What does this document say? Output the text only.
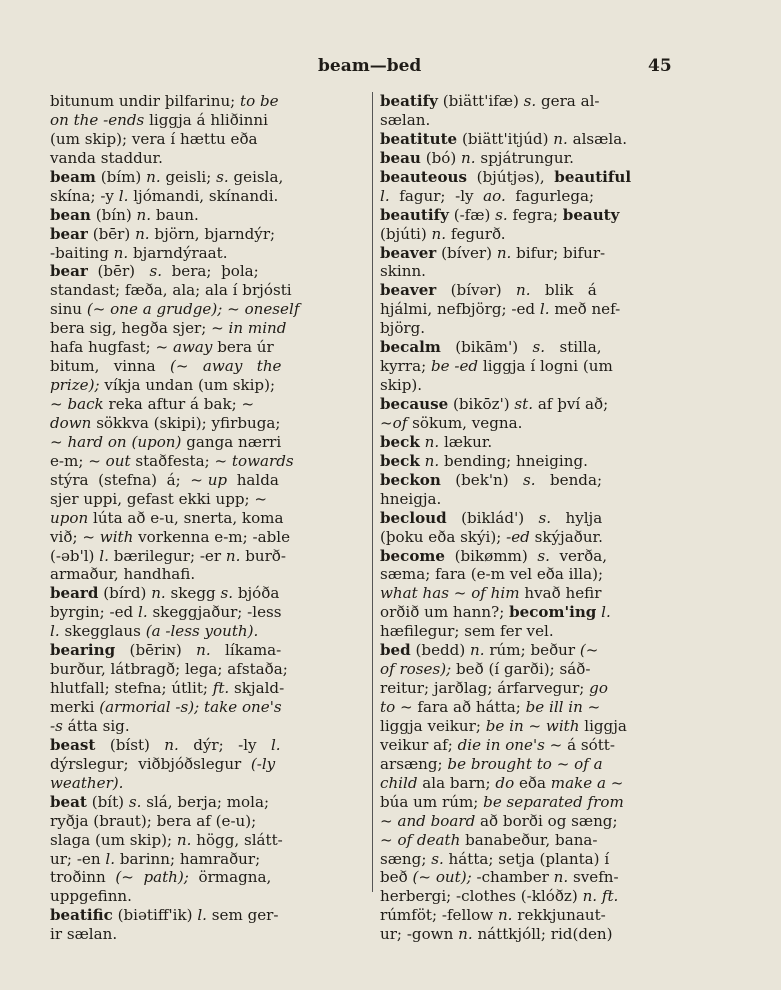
beam—bed	45
bitunum undir þilfarinu; to be
on the -ends liggja á hliðinni
(um skip); vera í hættu eða
vanda staddur.
beam (bím) n. geisli; s. geisla,
skína; -y l. ljómandi, skínandi.
bean (bín) n. baun.
bear (bēr) n. björn, bjarndýr;
-baiting n. bjarndýraat.
bear  (bēr)   s.  bera;  þola;
standast; fæða, ala; ala í brjósti
sinu (~ one a grudge); ~ oneself
bera sig, hegða sjer; ~ in mind
hafa hugfast; ~ away bera úr
bitum,   vinna   (~   away   the
prize); víkja undan (um skip);
~ back reka aftur á bak; ~
down sökkva (skipi); yfirbuga;
~ hard on (upon) ganga nærri
e-m; ~ out staðfesta; ~ towards
stýra  (stefna)  á;  ~ up  halda
sjer uppi, gefast ekki upp; ~
upon lúta að e-u, snerta, koma
við; ~ with vorkenna e-m; -able
(-əb'l) l. bærilegur; -er n. burð-
armaður, handhafi.
beard (bírd) n. skegg s. bjóða
byrgin; -ed l. skeggjaður; -less
l. skegglaus (a -less youth).
bearing   (bēriɴ)   n.   líkama-
burður, látbragð; lega; afstaða;
hlutfall; stefna; útlit; ft. skjald-
merki (armorial -s); take one's
-s átta sig.
beast   (bíst)   n.   dýr;   -ly   l.
dýrslegur;  viðbjóðslegur  (-ly
weather).
beat (bít) s. slá, berja; mola;
ryðja (braut); bera af (e-u);
slaga (um skip); n. högg, slátt-
ur; -en l. barinn; hamraður;
troðinn  (~  path);  örmagna,
uppgefinn.
beatific (biətiff'ik) l. sem ger-
ir sælan.
beatify (biätt'ifæ) s. gera al-
sælan.
beatitute (biätt'itjúd) n. alsæla.
beau (bó) n. spjátrungur.
beauteous  (bjútjəs),  beautiful
l.  fagur;  -ly  ao.  fagurlega;
beautify (-fæ) s. fegra; beauty
(bjúti) n. fegurð.
beaver (bíver) n. bifur; bifur-
skinn.
beaver   (bívər)   n.   blik   á
hjálmi, nefbjörg; -ed l. með nef-
björg.
becalm   (bikām')   s.   stilla,
kyrra; be -ed liggja í logni (um
skip).
because (bikōz') st. af því að;
~of sökum, vegna.
beck n. lækur.
beck n. bending; hneiging.
beckon   (bek'n)   s.   benda;
hneigja.
becloud   (biklád')   s.   hylja
(þoku eða skýi); -ed skýjaður.
become  (bikømm)  s.  verða,
sæma; fara (e-m vel eða illa);
what has ~ of him hvað hefir
orðið um hann?; becom'ing l.
hæfilegur; sem fer vel.
bed (bedd) n. rúm; beður (~
of roses); beð (í garði); sáð-
reitur; jarðlag; árfarvegur; go
to ~ fara að hátta; be ill in ~
liggja veikur; be in ~ with liggja
veikur af; die in one's ~ á sótt-
arsæng; be brought to ~ of a
child ala barn; do eða make a ~
búa um rúm; be separated from
~ and board að borði og sæng;
~ of death banabeður, bana-
sæng; s. hátta; setja (planta) í
beð (~ out); -chamber n. svefn-
herbergi; -clothes (-klóðz) n. ft.
rúmföt; -fellow n. rekkjunaut-
ur; -gown n. náttkjóll; rid(den)
